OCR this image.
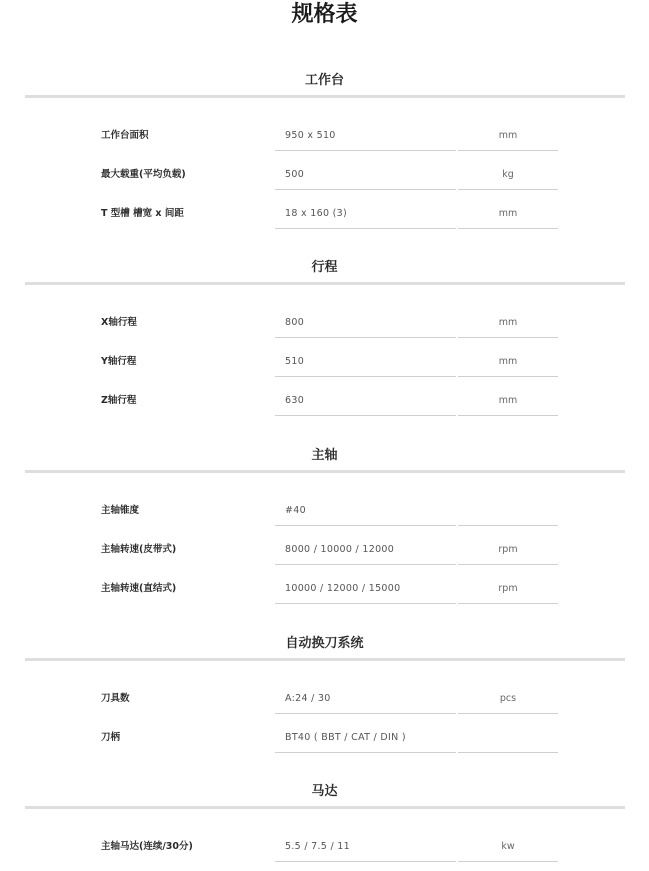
规格表
工作台
工作台面积	950 x 510	mm
最大载重(平均负载)	500	kg
T 型槽 槽宽 x 间距	18 x 160 (3)	mm
行程
X轴行程	800	mm
Y轴行程	510	mm
Z轴行程	630	mm
主轴
主轴锥度	#40
主轴转速(皮带式)	8000 / 10000 / 12000	rpm
主轴转速(直结式)	10000 / 12000 / 15000	rpm
自动换刀系统
刀具数	A:24 / 30	pcs
刀柄	BT40 ( BBT / CAT / DIN )
马达
主轴马达(连续/30分)	5.5 / 7.5 / 11	kw
